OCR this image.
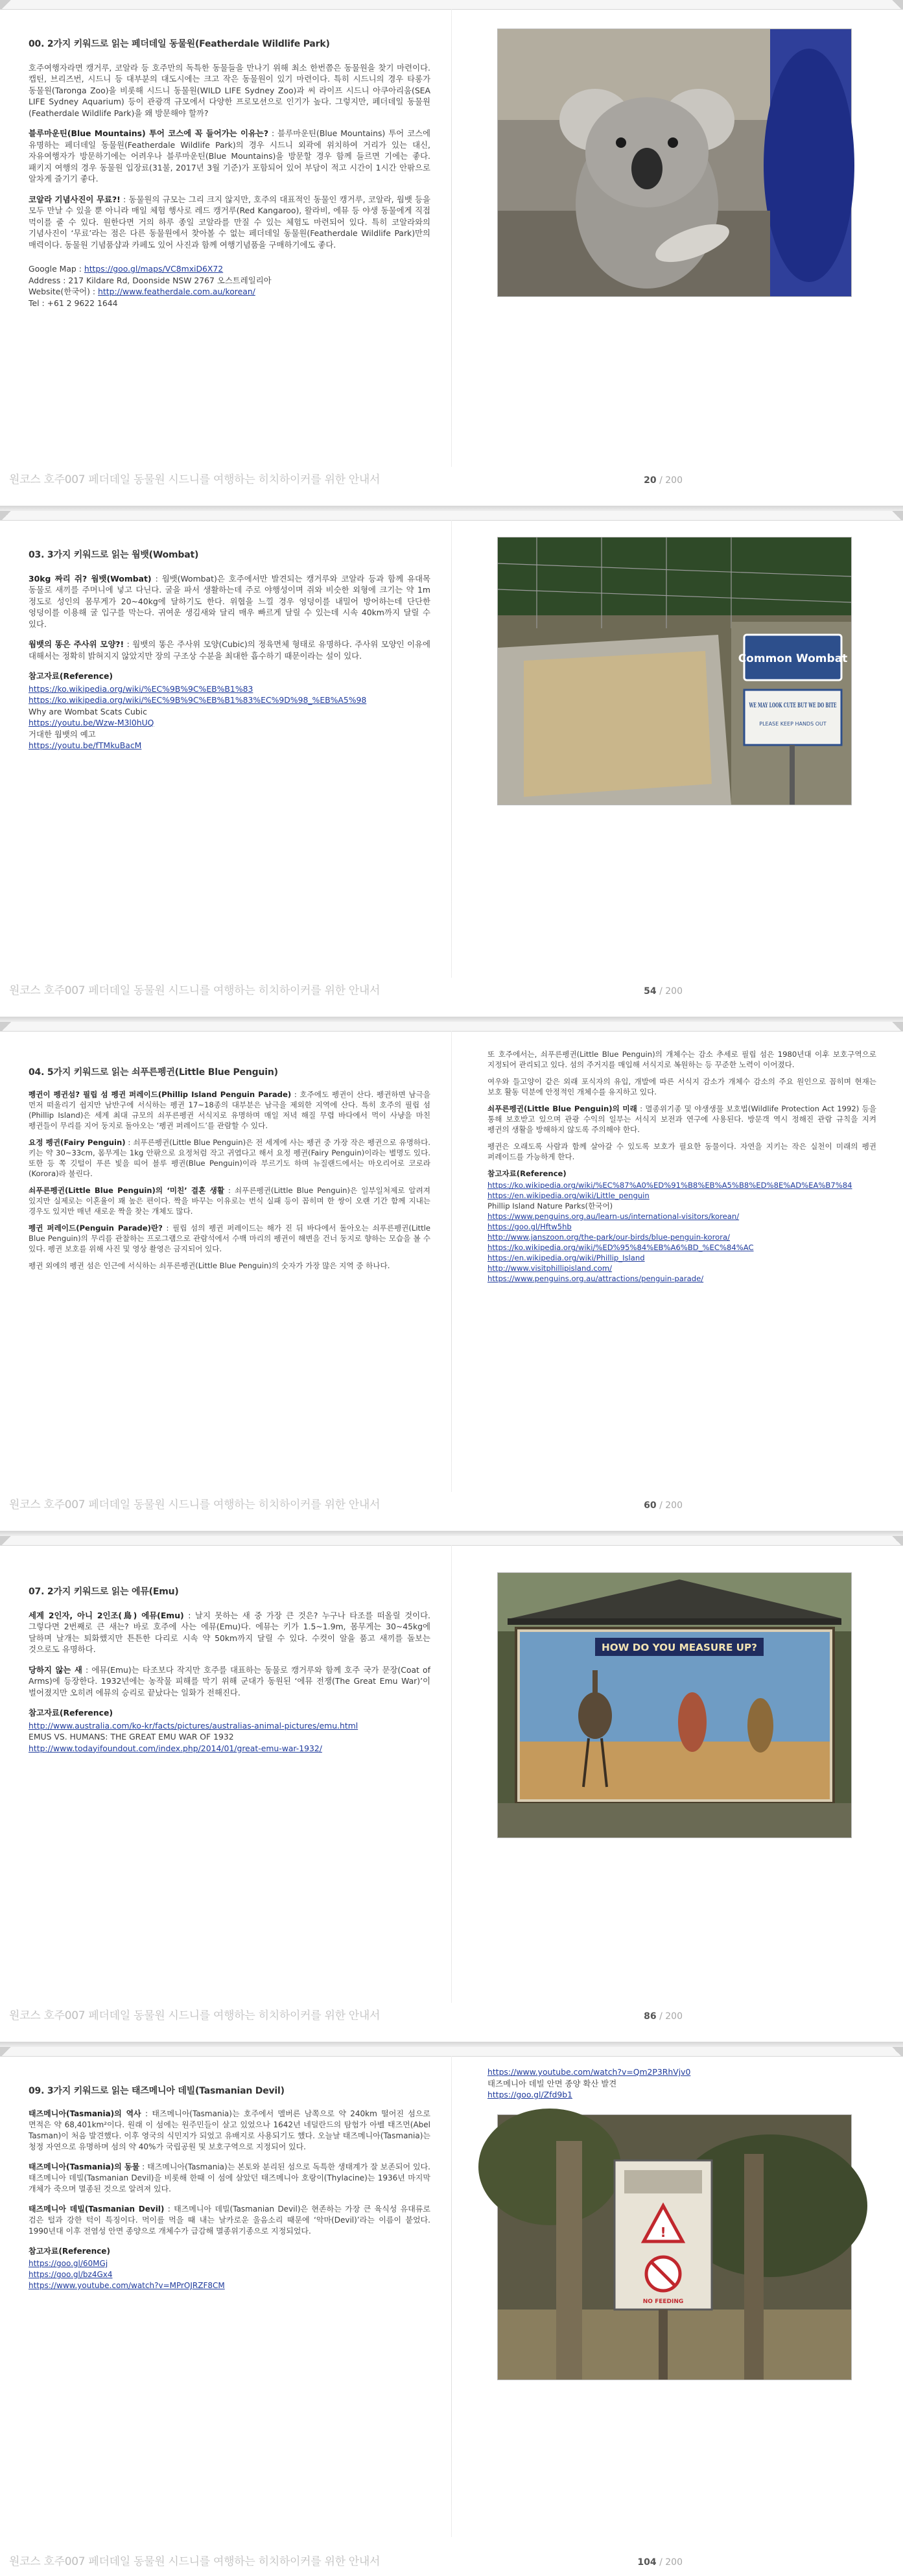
00. 2가지 키워드로 읽는 페더데일 동물원(Featherdale Wildlife Park)
호주여행자라면 캥거루, 코알라 등 호주만의 독특한 동물들을 만나기 위해 최소 한번쯤은 동물원을 찾기 마련이다. 캡틴, 브리즈번, 시드니 등 대부분의 대도시에는 크고 작은 동물원이 있기 마련이다. 특히 시드니의 경우 타롱가 동물원(Taronga Zoo)을 비롯해 시드니 동물원(WILD LIFE Sydney Zoo)과 씨 라이프 시드니 아쿠아리움(SEA LIFE Sydney Aquarium) 등이 관광객 규모에서 다양한 프로모션으로 인기가 높다. 그렇지만, 페더데일 동물원(Featherdale Wildlife Park)을 왜 방문해야 할까?
블루마운틴(Blue Mountains) 투어 코스에 꼭 들어가는 이유는? : 블루마운틴(Blue Mountains) 투어 코스에 유명하는 페더데일 동물원(Featherdale Wildlife Park)의 경우 시드니 외곽에 위치하여 거리가 있는 대신, 자유여행자가 방문하기에는 어려우나 블루마운틴(Blue Mountains)을 방문할 경우 함께 들르면 기에는 좋다. 패키지 여행의 경우 동물원 입장료(31불, 2017년 3월 기준)가 포함되어 있어 부담이 적고 시간이 1시간 안팎으로 알차게 즐기기 좋다.
코알라 기념사진이 무료?! : 동물원의 규모는 그리 크지 않지만, 호주의 대표적인 동물인 캥거루, 코알라, 웜뱃 등을 모두 만날 수 있을 뿐 아니라 매일 체험 행사로 레드 캥거루(Red Kangaroo), 왈라비, 에뮤 등 야생 동물에게 직접 먹이를 줄 수 있다. 원한다면 거의 하루 종일 코알라를 만질 수 있는 체험도 마련되어 있다. 특히 코알라와의 기념사진이 ‘무료’라는 점은 다른 동물원에서 찾아볼 수 없는 페더데일 동물원(Featherdale Wildlife Park)만의 매력이다. 동물원 기념품샵과 카페도 있어 사진과 함께 여행기념품을 구매하기에도 좋다.
Google Map : https://goo.gl/maps/VC8mxiD6X72
Address : 217 Kildare Rd, Doonside NSW 2767 오스트레일리아
Website(한국어) : http://www.featherdale.com.au/korean/
Tel : +61 2 9622 1644
원코스 호주007 페더데일 동물원 시드니를 여행하는 히치하이커를 위한 안내서	20 / 200
03. 3가지 키워드로 읽는 웜뱃(Wombat)
30kg 짜리 쥐? 웜뱃(Wombat) : 웜뱃(Wombat)은 호주에서만 발견되는 캥거루와 코알라 등과 함께 유대목 동물로 새끼를 주머니에 넣고 다닌다. 굴을 파서 생활하는데 주로 야행성이며 쥐와 비슷한 외형에 크기는 약 1m 정도로 성인의 몸무게가 20~40kg에 달하기도 한다. 위협을 느낄 경우 엉덩이를 내밀어 방어하는데 단단한 엉덩이를 이용해 굴 입구를 막는다. 귀여운 생김새와 달리 매우 빠르게 달릴 수 있는데 시속 40km까지 달릴 수 있다.
웜뱃의 똥은 주사위 모양?! : 웜뱃의 똥은 주사위 모양(Cubic)의 정육면체 형태로 유명하다. 주사위 모양인 이유에 대해서는 정확히 밝혀지지 않았지만 장의 구조상 수분을 최대한 흡수하기 때문이라는 설이 있다.
참고자료(Reference)
https://ko.wikipedia.org/wiki/%EC%9B%9C%EB%B1%83
https://ko.wikipedia.org/wiki/%EC%9B%9C%EB%B1%83%EC%9D%98_%EB%A5%98
Why are Wombat Scats Cubic
https://youtu.be/Wzw-M3l0hUQ
거대한 웜뱃의 예고
https://youtu.be/fTMkuBacM
Common Wombat
WE MAY LOOK CUTE BUT WE DO BITE
PLEASE KEEP HANDS OUT
원코스 호주007 페더데일 동물원 시드니를 여행하는 히치하이커를 위한 안내서	54 / 200
04. 5가지 키워드로 읽는 쇠푸른펭귄(Little Blue Penguin)
펭귄이 펭귄섬? 필립 섬 펭귄 퍼레이드(Phillip Island Penguin Parade) : 호주에도 펭귄이 산다. 펭귄하면 남극을 먼저 떠올리기 쉽지만 남반구에 서식하는 펭귄 17~18종의 대부분은 남극을 제외한 지역에 산다. 특히 호주의 필립 섬(Phillip Island)은 세계 최대 규모의 쇠푸른펭귄 서식지로 유명하며 매일 저녁 해질 무렵 바다에서 먹이 사냥을 마친 펭귄들이 무리를 지어 둥지로 돌아오는 ‘펭귄 퍼레이드’를 관람할 수 있다.
요정 펭귄(Fairy Penguin) : 쇠푸른펭귄(Little Blue Penguin)은 전 세계에 사는 펭귄 중 가장 작은 펭귄으로 유명하다. 키는 약 30~33cm, 몸무게는 1kg 안팎으로 요정처럼 작고 귀엽다고 해서 요정 펭귄(Fairy Penguin)이라는 별명도 있다. 또한 등 쪽 깃털이 푸른 빛을 띠어 블루 펭귄(Blue Penguin)이라 부르기도 하며 뉴질랜드에서는 마오리어로 코로라(Korora)라 불린다.
쇠푸른펭귄(Little Blue Penguin)의 ‘미친’ 결혼 생활 : 쇠푸른펭귄(Little Blue Penguin)은 일부일처제로 알려져 있지만 실제로는 이혼율이 꽤 높은 편이다. 짝을 바꾸는 이유로는 번식 실패 등이 꼽히며 한 쌍이 오랜 기간 함께 지내는 경우도 있지만 매년 새로운 짝을 찾는 개체도 많다.
펭귄 퍼레이드(Penguin Parade)란? : 필립 섬의 펭귄 퍼레이드는 해가 진 뒤 바다에서 돌아오는 쇠푸른펭귄(Little Blue Penguin)의 무리를 관찰하는 프로그램으로 관람석에서 수백 마리의 펭귄이 해변을 건너 둥지로 향하는 모습을 볼 수 있다. 펭귄 보호를 위해 사진 및 영상 촬영은 금지되어 있다.
펭귄 외에의 펭귄 섬은 인근에 서식하는 쇠푸른펭귄(Little Blue Penguin)의 숫자가 가장 많은 지역 중 하나다.
또 호주에서는, 쇠푸른펭귄(Little Blue Penguin)의 개체수는 감소 추세로 필립 섬은 1980년대 이후 보호구역으로 지정되어 관리되고 있다. 섬의 주거지를 매입해 서식지로 복원하는 등 꾸준한 노력이 이어졌다.
여우와 들고양이 같은 외래 포식자의 유입, 개발에 따른 서식지 감소가 개체수 감소의 주요 원인으로 꼽히며 현재는 보호 활동 덕분에 안정적인 개체수를 유지하고 있다.
쇠푸른펭귄(Little Blue Penguin)의 미래 : 멸종위기종 및 야생생물 보호법(Wildlife Protection Act 1992) 등을 통해 보호받고 있으며 관광 수익의 일부는 서식지 보전과 연구에 사용된다. 방문객 역시 정해진 관람 규칙을 지켜 펭귄의 생활을 방해하지 않도록 주의해야 한다.
펭귄은 오래도록 사람과 함께 살아갈 수 있도록 보호가 필요한 동물이다. 자연을 지키는 작은 실천이 미래의 펭귄 퍼레이드를 가능하게 한다.
참고자료(Reference)
https://ko.wikipedia.org/wiki/%EC%87%A0%ED%91%B8%EB%A5%B8%ED%8E%AD%EA%B7%84
https://en.wikipedia.org/wiki/Little_penguin
Phillip Island Nature Parks(한국어)
https://www.penguins.org.au/learn-us/international-visitors/korean/
https://goo.gl/Hftw5hb
http://www.janszoon.org/the-park/our-birds/blue-penguin-korora/
https://ko.wikipedia.org/wiki/%ED%95%84%EB%A6%BD_%EC%84%AC
https://en.wikipedia.org/wiki/Phillip_Island
http://www.visitphillipisland.com/
https://www.penguins.org.au/attractions/penguin-parade/
원코스 호주007 페더데일 동물원 시드니를 여행하는 히치하이커를 위한 안내서	60 / 200
07. 2가지 키워드로 읽는 에뮤(Emu)
세계 2인자, 아니 2인조(鳥) 에뮤(Emu) : 날지 못하는 새 중 가장 큰 것은? 누구나 타조를 떠올릴 것이다. 그렇다면 2번째로 큰 새는? 바로 호주에 사는 에뮤(Emu)다. 에뮤는 키가 1.5~1.9m, 몸무게는 30~45kg에 달하며 날개는 퇴화했지만 튼튼한 다리로 시속 약 50km까지 달릴 수 있다. 수컷이 알을 품고 새끼를 돌보는 것으로도 유명하다.
당하지 않는 새 : 에뮤(Emu)는 타조보다 작지만 호주를 대표하는 동물로 캥거루와 함께 호주 국가 문장(Coat of Arms)에 등장한다. 1932년에는 농작물 피해를 막기 위해 군대가 동원된 ‘에뮤 전쟁(The Great Emu War)’이 벌어졌지만 오히려 에뮤의 승리로 끝났다는 일화가 전해진다.
참고자료(Reference)
http://www.australia.com/ko-kr/facts/pictures/australias-animal-pictures/emu.html
EMUS VS. HUMANS: THE GREAT EMU WAR OF 1932
http://www.todayifoundout.com/index.php/2014/01/great-emu-war-1932/
HOW DO YOU MEASURE UP?
원코스 호주007 페더데일 동물원 시드니를 여행하는 히치하이커를 위한 안내서	86 / 200
09. 3가지 키워드로 읽는 태즈메니아 데빌(Tasmanian Devil)
태즈메니아(Tasmania)의 역사 : 태즈메니아(Tasmania)는 호주에서 멜버른 남쪽으로 약 240km 떨어진 섬으로 면적은 약 68,401km²이다. 원래 이 섬에는 원주민들이 살고 있었으나 1642년 네덜란드의 탐험가 아벨 태즈먼(Abel Tasman)이 처음 발견했다. 이후 영국의 식민지가 되었고 유배지로 사용되기도 했다. 오늘날 태즈메니아(Tasmania)는 청정 자연으로 유명하며 섬의 약 40%가 국립공원 및 보호구역으로 지정되어 있다.
태즈메니아(Tasmania)의 동물 : 태즈메니아(Tasmania)는 본토와 분리된 섬으로 독특한 생태계가 잘 보존되어 있다. 태즈메니아 데빌(Tasmanian Devil)을 비롯해 한때 이 섬에 살았던 태즈메니아 호랑이(Thylacine)는 1936년 마지막 개체가 죽으며 멸종된 것으로 알려져 있다.
태즈메니아 데빌(Tasmanian Devil) : 태즈메니아 데빌(Tasmanian Devil)은 현존하는 가장 큰 육식성 유대류로 검은 털과 강한 턱이 특징이다. 먹이를 먹을 때 내는 날카로운 울음소리 때문에 ‘악마(Devil)’라는 이름이 붙었다. 1990년대 이후 전염성 안면 종양으로 개체수가 급감해 멸종위기종으로 지정되었다.
참고자료(Reference)
https://goo.gl/60MGj
https://goo.gl/bz4Gx4
https://www.youtube.com/watch?v=MPrOJRZF8CM
https://www.youtube.com/watch?v=Qm2P3RhVjv0
태즈메니아 데빌 안면 종양 확산 발견
https://goo.gl/Zfd9b1
!
NO FEEDING
원코스 호주007 페더데일 동물원 시드니를 여행하는 히치하이커를 위한 안내서	104 / 200
